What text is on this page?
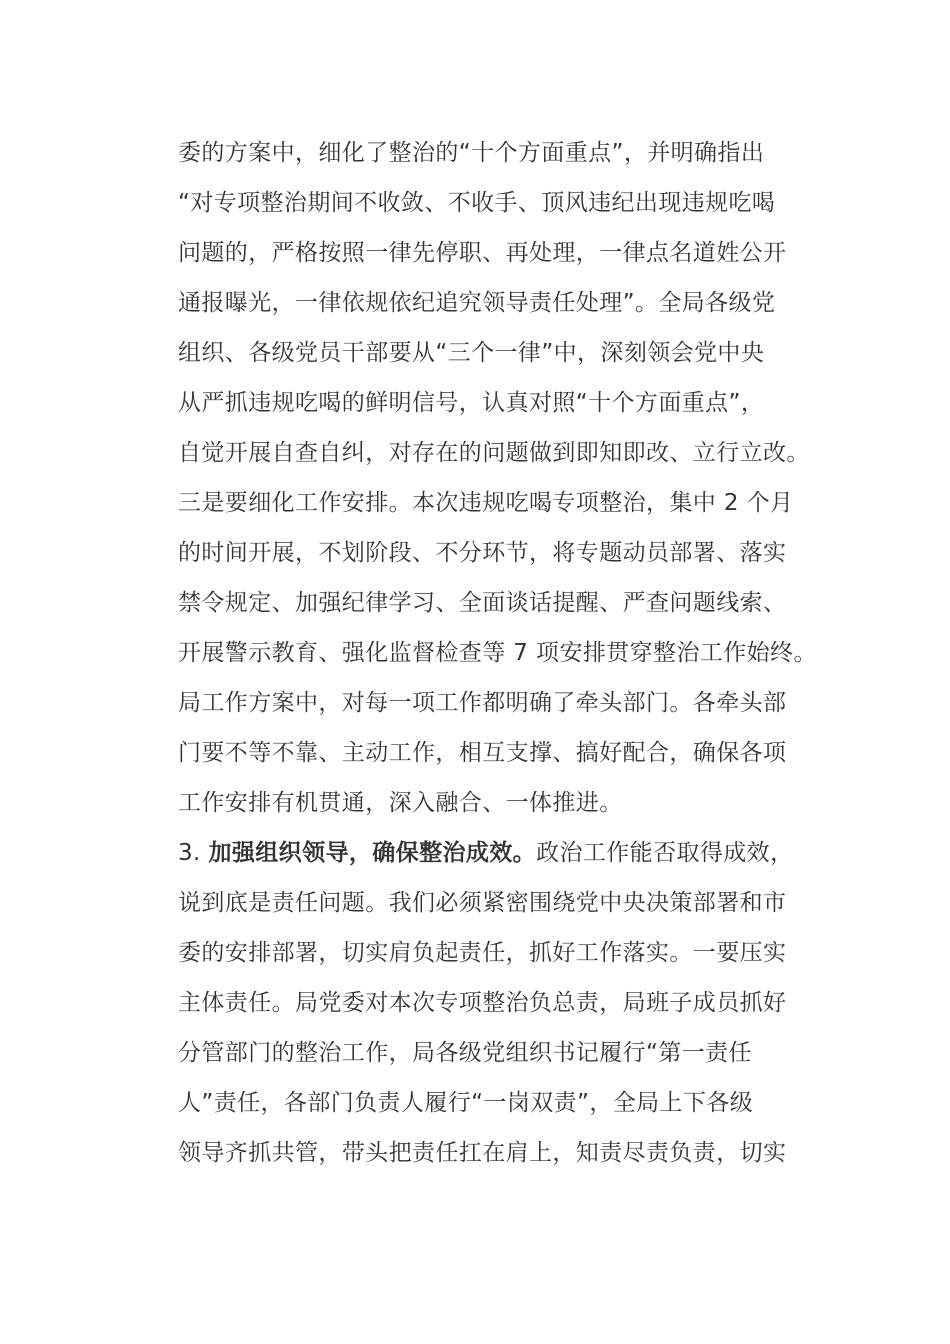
委的方案中，细化了整治的“十个方面重点”，并明确指出
“对专项整治期间不收敛、不收手、顶风违纪出现违规吃喝
问题的，严格按照一律先停职、再处理，一律点名道姓公开
通报曝光，一律依规依纪追究领导责任处理”。全局各级党
组织、各级党员干部要从“三个一律”中，深刻领会党中央
从严抓违规吃喝的鲜明信号，认真对照“十个方面重点”，
自觉开展自查自纠，对存在的问题做到即知即改、立行立改。
三是要细化工作安排。本次违规吃喝专项整治，集中 2 个月
的时间开展，不划阶段、不分环节，将专题动员部署、落实
禁令规定、加强纪律学习、全面谈话提醒、严查问题线索、
开展警示教育、强化监督检查等 7 项安排贯穿整治工作始终。
局工作方案中，对每一项工作都明确了牵头部门。各牵头部
门要不等不靠、主动工作，相互支撑、搞好配合，确保各项
工作安排有机贯通，深入融合、一体推进。
3. 加强组织领导，确保整治成效。政治工作能否取得成效，
说到底是责任问题。我们必须紧密围绕党中央决策部署和市
委的安排部署，切实肩负起责任，抓好工作落实。一要压实
主体责任。局党委对本次专项整治负总责，局班子成员抓好
分管部门的整治工作，局各级党组织书记履行“第一责任
人”责任，各部门负责人履行“一岗双责”，全局上下各级
领导齐抓共管，带头把责任扛在肩上，知责尽责负责，切实
